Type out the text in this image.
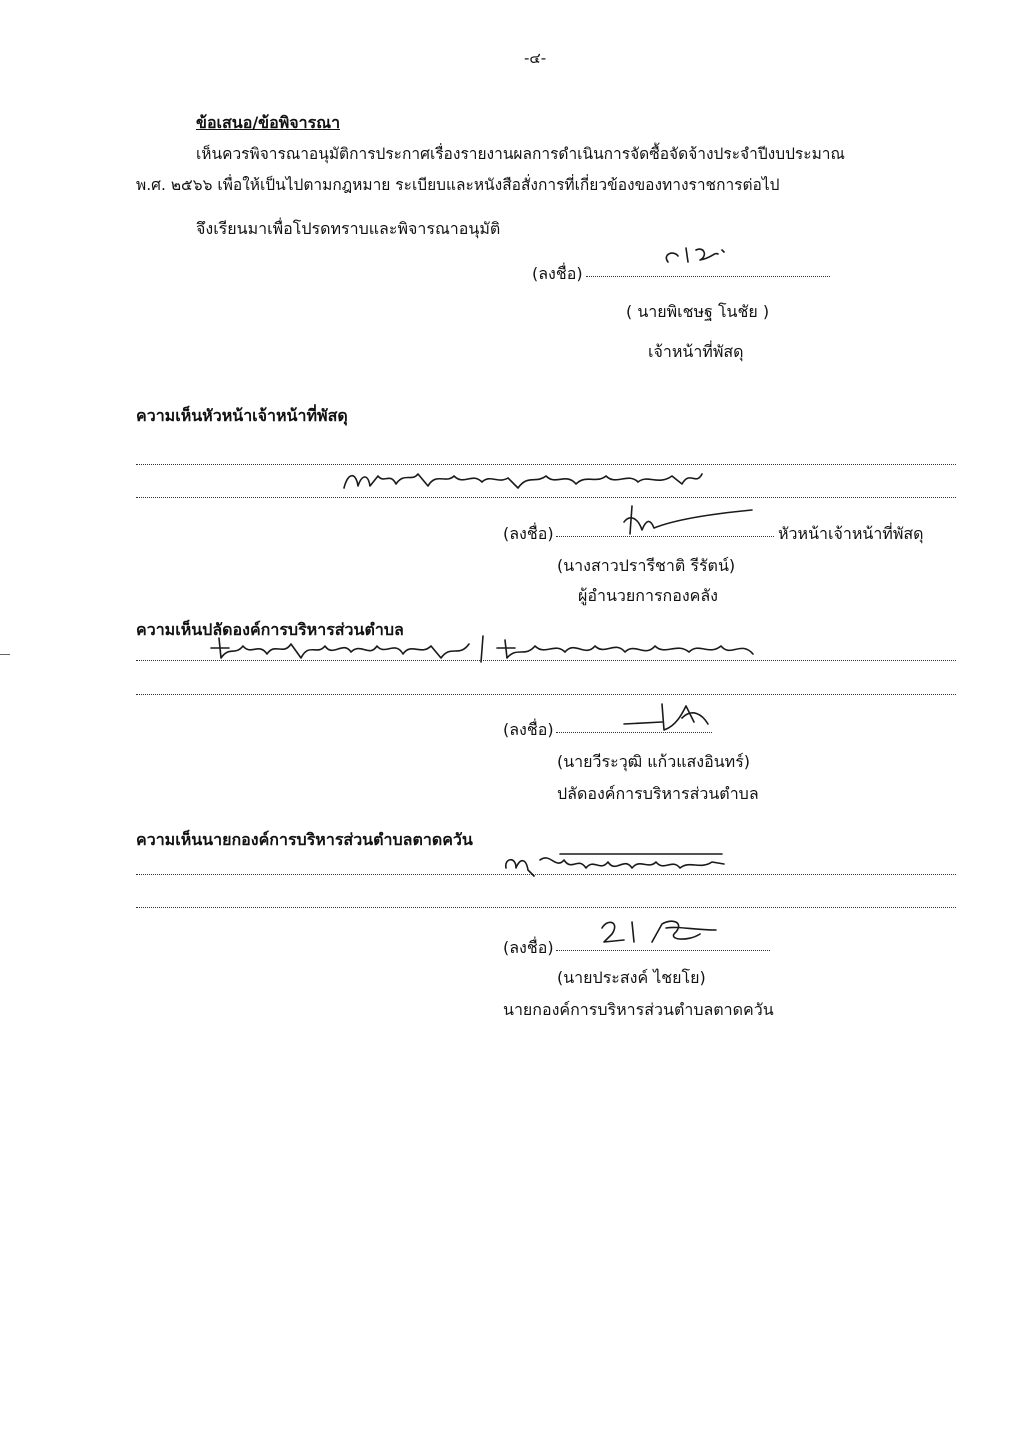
-๔-
ข้อเสนอ/ข้อพิจารณา
เห็นควรพิจารณาอนุมัติการประกาศเรื่องรายงานผลการดำเนินการจัดซื้อจัดจ้างประจำปีงบประมาณ
พ.ศ. ๒๕๖๖ เพื่อให้เป็นไปตามกฎหมาย ระเบียบและหนังสือสั่งการที่เกี่ยวข้องของทางราชการต่อไป
จึงเรียนมาเพื่อโปรดทราบและพิจารณาอนุมัติ
(ลงชื่อ)
( นายพิเชษฐ โนชัย )
เจ้าหน้าที่พัสดุ
ความเห็นหัวหน้าเจ้าหน้าที่พัสดุ
(ลงชื่อ)	หัวหน้าเจ้าหน้าที่พัสดุ
(นางสาวปรารีชาติ รีรัตน์)
ผู้อำนวยการกองคลัง
ความเห็นปลัดองค์การบริหารส่วนตำบล
(ลงชื่อ)
(นายวีระวุฒิ แก้วแสงอินทร์)
ปลัดองค์การบริหารส่วนตำบล
ความเห็นนายกองค์การบริหารส่วนตำบลตาดควัน
(ลงชื่อ)
(นายประสงค์ ไชยโย)
นายกองค์การบริหารส่วนตำบลตาดควัน
